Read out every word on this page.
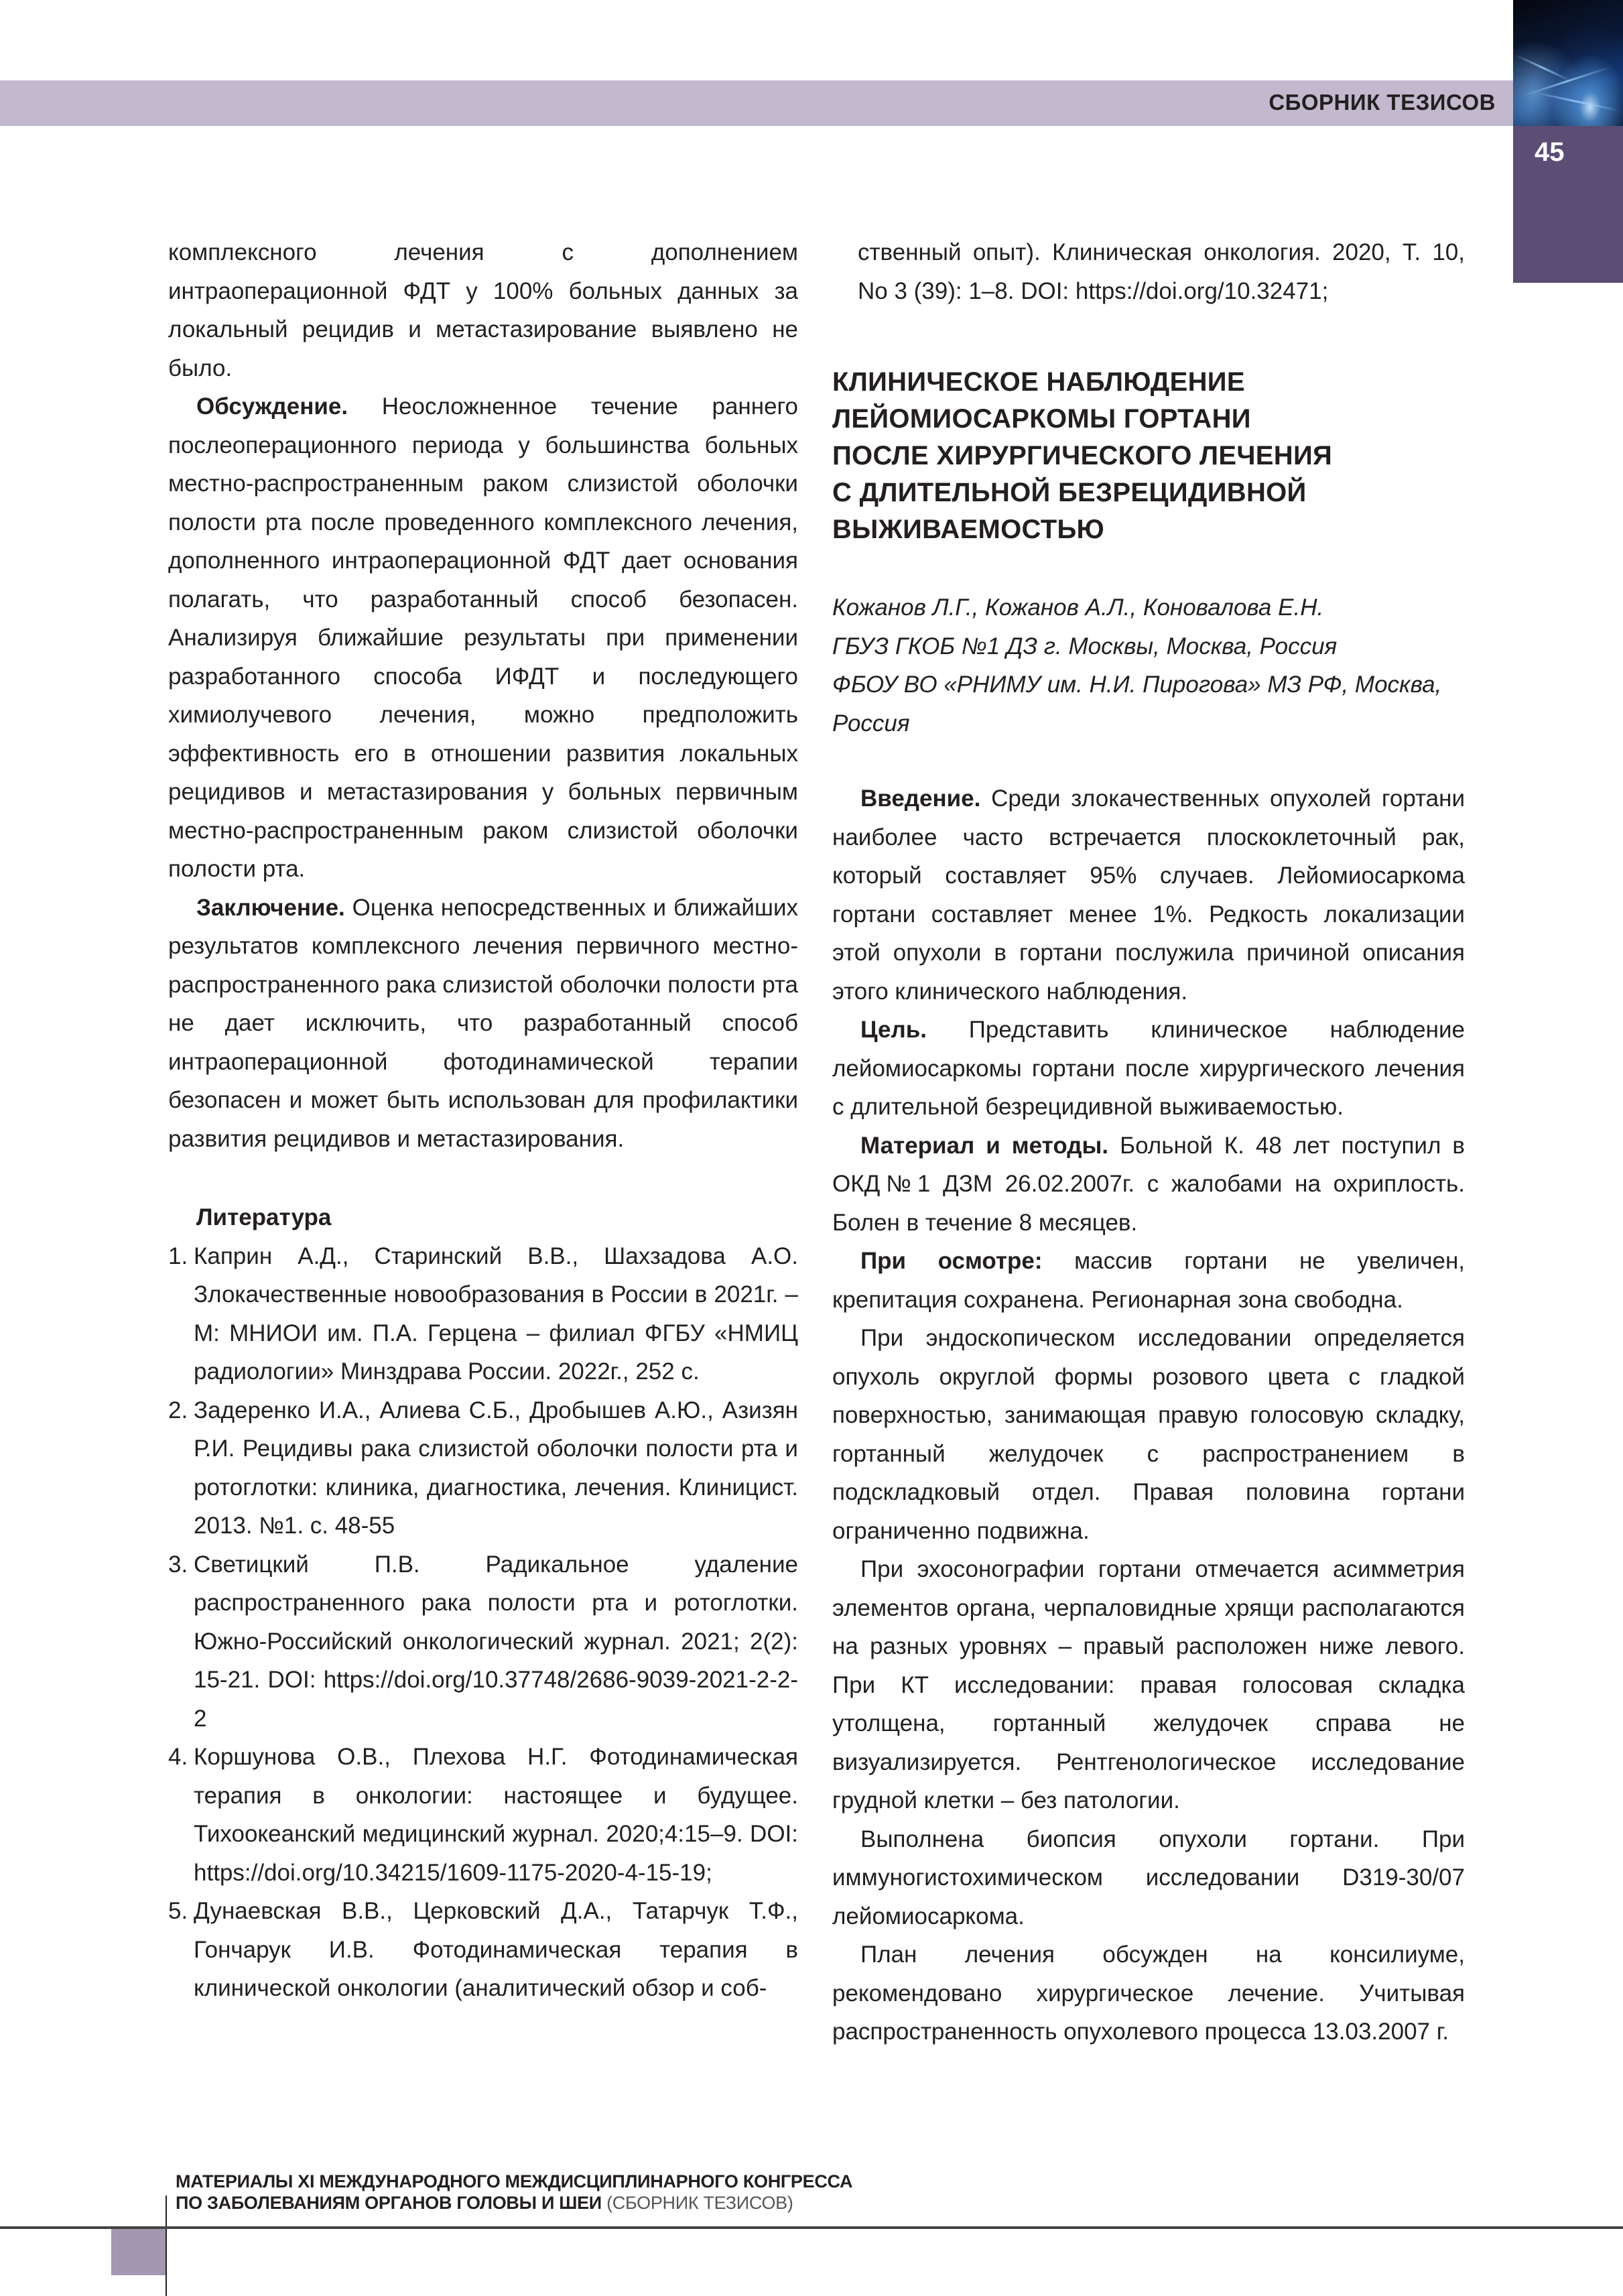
СБОРНИК ТЕЗИСОВ
45

комплексного лечения с дополнением интраоперационной ФДТ у 100% больных данных за локальный рецидив и метастазирование выявлено не было.

Обсуждение. Неосложненное течение раннего послеоперационного периода у большинства больных местно-распространенным раком слизистой оболочки полости рта после проведенного комплексного лечения, дополненного интраоперационной ФДТ дает основания полагать, что разработанный способ безопасен. Анализируя ближайшие результаты при применении разработанного способа ИФДТ и последующего химиолучевого лечения, можно предположить эффективность его в отношении развития локальных рецидивов и метастазирования у больных первичным местно-распространенным раком слизистой оболочки полости рта.

Заключение. Оценка непосредственных и ближайших результатов комплексного лечения первичного местно-распространенного рака слизистой оболочки полости рта не дает исключить, что разработанный способ интраоперационной фотодинамической терапии безопасен и может быть использован для профилактики развития рецидивов и метастазирования.

Литература

1. Каприн А.Д., Старинский В.В., Шахзадова А.О. Злокачественные новообразования в России в 2021г. – М: МНИОИ им. П.А. Герцена – филиал ФГБУ «НМИЦ радиологии» Минздрава России. 2022г., 252 с.
2. Задеренко И.А., Алиева С.Б., Дробышев А.Ю., Азизян Р.И. Рецидивы рака слизистой оболочки полости рта и ротоглотки: клиника, диагностика, лечения. Клиницист. 2013. №1. с. 48-55
3. Светицкий П.В. Радикальное удаление распространенного рака полости рта и ротоглотки. Южно-Российский онкологический журнал. 2021; 2(2): 15-21. DOI: https://doi.org/10.37748/2686-9039-2021-2-2-2
4. Коршунова О.В., Плехова Н.Г. Фотодинамическая терапия в онкологии: настоящее и будущее. Тихоокеанский медицинский журнал. 2020;4:15–9. DOI: https://doi.org/10.34215/1609-1175-2020-4-15-19;
5. Дунаевская В.В., Церковский Д.А., Татарчук Т.Ф., Гончарук И.В. Фотодинамическая терапия в клинической онкологии (аналитический обзор и соб-

ственный опыт). Клиническая онкология. 2020, Т. 10, No 3 (39): 1–8. DOI: https://doi.org/10.32471;

КЛИНИЧЕСКОЕ НАБЛЮДЕНИЕ
ЛЕЙОМИОСАРКОМЫ ГОРТАНИ
ПОСЛЕ ХИРУРГИЧЕСКОГО ЛЕЧЕНИЯ
С ДЛИТЕЛЬНОЙ БЕЗРЕЦИДИВНОЙ
ВЫЖИВАЕМОСТЬЮ
Кожанов Л.Г., Кожанов А.Л., Коновалова Е.Н.
ГБУЗ ГКОБ №1 ДЗ г. Москвы, Москва, Россия
ФБОУ ВО «РНИМУ им. Н.И. Пирогова» МЗ РФ, Москва, Россия

Введение. Среди злокачественных опухолей гортани наиболее часто встречается плоскоклеточный рак, который составляет 95% случаев. Лейомиосаркома гортани составляет менее 1%. Редкость локализации этой опухоли в гортани послужила причиной описания этого клинического наблюдения.

Цель. Представить клиническое наблюдение лейомиосаркомы гортани после хирургического лечения с длительной безрецидивной выживаемостью.

Материал и методы. Больной К. 48 лет поступил в ОКД№1 ДЗМ 26.02.2007г. с жалобами на охриплость. Болен в течение 8 месяцев.

При осмотре: массив гортани не увеличен, крепитация сохранена. Регионарная зона свободна.

При эндоскопическом исследовании определяется опухоль округлой формы розового цвета с гладкой поверхностью, занимающая правую голосовую складку, гортанный желудочек с распространением в подскладковый отдел. Правая половина гортани ограниченно подвижна.

При эхосонографии гортани отмечается асимметрия элементов органа, черпаловидные хрящи располагаются на разных уровнях – правый расположен ниже левого. При КТ исследовании: правая голосовая складка утолщена, гортанный желудочек справа не визуализируется. Рентгенологическое исследование грудной клетки – без патологии.

Выполнена биопсия опухоли гортани. При иммуногистохимическом исследовании D319-30/07 лейомиосаркома.

План лечения обсужден на консилиуме, рекомендовано хирургическое лечение. Учитывая распространенность опухолевого процесса 13.03.2007 г.

МАТЕРИАЛЫ XI МЕЖДУНАРОДНОГО МЕЖДИСЦИПЛИНАРНОГО КОНГРЕССА
ПО ЗАБОЛЕВАНИЯМ ОРГАНОВ ГОЛОВЫ И ШЕИ (СБОРНИК ТЕЗИСОВ)
